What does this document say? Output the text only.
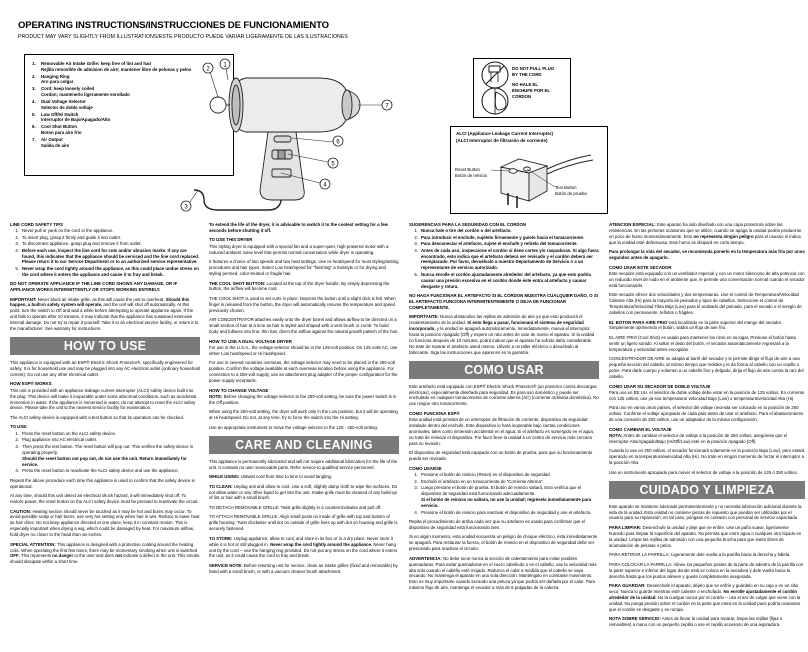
OPERATING INSTRUCTIONS/INSTRUCCIONES DE FUNCIONAMIENTO
PRODUCT MAY VARY SLIGHTLY FROM ILLUSTRATIONS/ESTE PRODUCTO PUEDE VARIAR LIGERAMENTE DE LAS ILUSTRACIONES
1.	Removable Air Intake Grille; keep free of lint and hair
Rejilla removible de admision de aire; mantener libre de pelusas y pelos
2.	Hanging Ring
Aro para colgar
3.	Cord; keep loosely coiled
Cordon; mantenerlo ligeramente enrollado
4.	Dual Voltage Selector
Selector de doble voltaje
5.	Low Off/Hi Switch
Interruptor de Bajo/Apagado/Alto
6.	Cool Shot Button
Boton para aire frio
7.	Air Output
Salida de aire
1
2
3
4
5
6
7
DO NOT PULL PLUG
BY THE CORD
NO HALE EL
ENCHUFE POR EL
CORDON
ALCI (Appliance Leakage Current Interrupter)
(ALCI Interruptor de filtración de corriente)
Reset Button
Botón de reinicio
Test Button
Botón de prueba
LINE CORD SAFETY TIPS
1. Never pull or yank on the cord or the appliance.
2. To insert plug, grasp it firmly and guide it into outlet.
3. To disconnect appliance, grasp plug and remove it from outlet.
4. Before each use, inspect the line cord for cuts and/or abrasion marks. If any are found, this indicates that the appliance should be serviced and the line cord replaced. Please return it to our Service Department or to an authorized service representative.
5. Never wrap the cord tightly around the appliance, as this could place undue stress on the cord where it enters the appliance and cause it to fray and break.

DO NOT OPERATE APPLIANCE IF THE LINE CORD SHOWS ANY DAMAGE, OR IF APPLIANCE WORKS INTERMITTENTLY OR STOPS WORKING ENTIRELY.

IMPORTANT: Never block air intake grille, as this will cause the unit to overheat. Should this happen, a built-in safety system will operate, and the unit will shut off automatically. At this point, turn the switch to Off and wait a while before attempting to operate appliance again. If the unit fails to operate after 10 minutes, it may indicate that the appliance has sustained extensive internal damage. Do not try to repair it yourself. Take it to an electrical service facility, or return it to the manufacturer. See warranty for instructions.

HOW TO USE

This appliance is equipped with an ESP® Electric Shock Protector®, specifically engineered for safety. It is for household use and may be plugged into any AC electrical outlet (ordinary household current). Do not use any other electrical outlet.

HOW ESP® WORKS

This unit is provided with an appliance leakage current interrupter (ALCI) safety device built into the plug. This device will make it inoperable under some abnormal conditions, such as accidental immersion in water. If the appliance is immersed in water, do not attempt to reset the ALCI safety device. Please take the unit to the nearest service facility for examination.

The ALCI safety device is equipped with a test button so that its operation can be checked.

TO USE:
1. Press the reset button on the ALCI safety device.
2. Plug appliance into AC electrical outlet.
3. Then press the test button. The reset button will pop out. This verifies the safety device is operating properly.
Should the reset button not pop out, do not use the unit. Return immediately for service.
4. Press the reset button to reactivate the ALCI safety device and use the appliance.

Repeat the above procedure each time this appliance is used to confirm that the safety device is operational.

At any time, should this unit detect an electrical shock hazard, it will immediately shut off. To restore power, the reset button on the ALCI safety device must be pressed to reactivate the circuit.

CAUTION: Heating section should never be touched as it may be hot and burns may occur. To avoid possible scalp or hair burns, use very hot setting only when hair is wet. Reduce to lower heat as hair dries. Do not keep appliance directed at one place; keep it in constant motion. This is especially important when drying a wig, which could be damaged by heat. For maximum airflow, hold dryer no closer to the head than six inches.

SPECIAL ATTENTION: This appliance is designed with a protective coating around the heating coils. When operating the first few times, there may be momentary smoking when unit is switched OFF. This represents no danger to the user and does not indicate a defect in the unit. This smoke should dissipate within a short time.

To extend the life of the dryer, it is advisable to switch it to the coolest setting for a few seconds before shutting it off.

TO USE THIS DRYER

This styling dryer is equipped with a special fan and a super-quiet, high-powered motor with a reduced ambient noise level that permits normal conversation while dryer is operating.

It features a choice of two speeds and two heat settings. Use Hi heat/speed for most styling/setting procedures and hair types. Select Low heat/speed for "finishing" a hairstyle or for drying and styling permed, color-treated or fragile hair.

THE COOL SHOT BUTTON: Located at the top of the dryer handle. By simply depressing the button, the airflow will become cool.

THE COOL SHOT is used to set curls in place. Depress the button until a slight click is felt. When finger is released from the button, the dryer will automatically resume the temperature and speed previously chosen.

AIR CONCENTRATOR attaches easily onto the dryer barrel and allows airflow to be directed on a small section of hair at a time as hair is styled and shaped with a vent brush or comb. To build body and fullness into fine, thin hair, direct the airflow against the natural growth pattern of the hair.

HOW TO USE A DUAL VOLTAGE DRYER

For use in the U.S.A., the voltage selector should be in the 125-volt position. On 125 volts AC, use either Low heat/speed or Hi heat/speed.

For use in several countries overseas, the voltage selector may need to be placed in the 250-volt position. Confirm the voltage available at each overseas location before using the appliance. For connection to a 250-volt supply, use an attachment plug adapter of the proper configuration for the power supply receptacle.

HOW TO CHANGE VOLTAGE

NOTE: Before changing the voltage selector to the 250-volt setting, be sure the power switch is in the Off position.

When using the 250-volt setting, the dryer will work only in the Low position, but it will be operating at Hi heat/speed. Do not, at any time, try to force the switch into the Hi setting.

Use an appropriate instrument to move the voltage selector to the 125 - 250-volt setting.

CARE AND CLEANING

This appliance is permanently lubricated and will not require additional lubrication for the life of the unit. It contains no user serviceable parts. Refer service to qualified service personnel.

WHILE USING: Untwist cord from time to time to avoid tangling.

TO CLEAN: Unplug unit and allow to cool. Use a soft, slightly damp cloth to wipe the surfaces. Do not allow water or any other liquid to get into the unit. Intake grille must be cleaned of any build-up of lint or hair with a small brush.

TO DETACH REMOVABLE GRILLE: Twist grille slightly in a counterclockwise and pull off.

TO ATTACH REMOVABLE GRILLE: Align small posts on inside of grille with top and bottom of grille housing. Twist clockwise until dot on outside of grille lines up with dot on housing and grille is securely fastened.

TO STORE: Unplug appliance, allow to cool, and store in its box or in a dry place. Never store it while it is hot or still plugged in. Never wrap the cord tightly around the appliance. Never hang unit by the cord -- use the hanging ring provided. Do not put any stress on the cord where it enters the unit, as it could cause the cord to fray and break.

SERVICE NOTE: Before returning unit for service, clean air intake grilles (fixed and removable) by hand with a small brush, or with a vacuum cleaner brush attachment.

SUGERENCIAS PARA LA SEGURIDAD CON EL CORDON
1. Nunca hale o tire del cordón o del artefacto.
2. Para introducir el enchufe, sujételo firmemente y guíelo hacia el tomacorriente.
3. Para desconectar el artefacto, sujete el enchufe y retírelo del tomacorriente.
4. Antes de cada uso, inspeccione el cordón si tiene cortes y/o raspaduras. Si algo fuera encontrado, esto indica que el artefacto deberá ser revisado y el cordón deberá ser reemplazado. Por favor, devuélvalo a nuestro Departamento de Servicio o a un representante de servicio autorizado.
5. Nunca enrolle el cordón ajustadamente alrededor del artefacto, ya que esto podría causar una presión excesiva en el cordón donde éste entra al artefacto y causar desgaste y rotura.

NO HAGA FUNCIONAR EL ARTEFACTO SI EL CORDON MUESTRA CUALQUIER DAÑO, O SI EL ARTEFACTO FUNCIONA INTERMITENTEMENTE O DEJA DE FUNCIONAR COMPLETAMENTE.

IMPORTANTE: Nunca obstaculice las rejillas de admisión de aire ya que esto producirá el recalentamiento de la unidad. Si esto llega a pasar, funcionará el sistema de seguridad incorporado, y la unidad se apagará automáticamente. Inmediatamente, mueva el interruptor hacia la posición Apagado (Off) y espere un rato antes de usar de nuevo el aparato. Si la unidad no funciona después de 10 minutos, podrá indicar que el aparato ha sufrido daño considerable. No trate de reparar el artefacto usted mismo. Llévelo a un taller eléctrico o devuélvalo al fabricante. Siga las instrucciones que aparecen en la garantía.

COMO USAR

Este artefacto está equipado con ESP® Electric Shock Protector® (un protector contra descargas eléctricas), especialmente diseñado para seguridad. Es para uso doméstico y puede ser enchufado en cualquier tomacorriente de corriente alterna (AC) (corriente ordinaria doméstica). No use ningún otro tomacorriente.

COMO FUNCIONA ESP®

Esta unidad está provista de un interruptor de filtración de corriente, dispositivo de seguridad instalado dentro del enchufe. Este dispositivo lo hará inoperable bajo ciertas condiciones anormales, tales como inmersión accidental en el agua. Si el artefacto es sumergido en el agua, no trate de reiniciar el dispositivo. Por favor lleve la unidad a un centro de servicio más cercano para su revisión.

El dispositivo de seguridad está equipado con un botón de prueba, para que su funcionamiento pueda ser revisado.

COMO USARSE
1. Presione el botón de reinicio (Reset) en el dispositivo de seguridad.
2. Enchufe el artefacto en un tomacorriente de "Corriente Alterna".
3. Luego presione el botón de prueba. El botón de reinicio saltará. Esto verifica que el dispositivo de seguridad está funcionando adecuadamente.
Si el botón de reinicio no saltara, no use la unidad; regrésela inmediatamente para servicio.
4. Presione el botón de reinicio para reactivar el dispositivo de seguridad y use el artefacto.

Repita el procedimiento de arriba cada vez que su artefacto es usado para confirmar que el dispositivo de seguridad está funcionando bien.

Si en algún momento, esta unidad encuentra un peligro de choque eléctrico, ésta inmediatamente se apagará. Para restaurar la fuerza, el botón de reinicio en el dispositivo de seguridad debe ser presionado para reactivar el circuito.

ADVERTENCIA: No debe tocar nunca la sección de calentamiento para evitar posibles quemaduras. Para evitar quemaduras en el cuero cabelludo o en el cabello, use la velocidad más alta sólo cuando el cabello esté mojado. Reduzca el calor a medida que el cabello se vaya secando. No mantenga el aparato en una sola dirección. Manténgalo en constante movimiento. Esto es muy importante cuando secando una peluca ya que podría ser dañada por el calor. Para máximo flujo de aire, mantenga el secador a más de 6 pulgadas de la cabeza.

ATENCION ESPECIAL: Este aparato ha sido diseñado con una capa protectora sobre las resistencias. En las primeras ocasiones que se utilice, cuando se apaga la unidad podría producirse un poco de humo momentáneamente. Esto no representa ningún peligro para el usuario ni indica que la unidad esté defectuosa. Este humo se disipará en corto tiempo.

Para prolongar la vida del secador, se recomienda ponerlo en la temperatura más fría por unos segundos antes de apagarlo.

COMO USAR ESTE SECADOR

Este secador está equipado con un ventilador especial y con un motor silencioso de alta potencia con un reducido nivel de ruido en el ambiente que, le permite una conversación normal cuando el secador está funcionando.

Este secador ofrece dos velocidades y dos temperaturas. Use el control de Temperatura/Velocidad Caliente Alta (Hi) para la mayoría de peinados y tipos de cabellos. Seleccione el control de Temperatura/Velocidad Tibia Baja (Low) para el acabado del peinado, para el secado o el arreglo de cabellos con permanente, teñidos o frágiles.

EL BOTON PARA AIRE FRIO está localizado en la parte superior del mango del secador. Simplemente oprimiendo el botón, saldrá un flujo de aire frío.

EL AIRE FRIO (Cool Shot) es usado para mantener los rizos en su lugar. Presione el botón hasta sentir un ligero sonido. Al soltar el dedo del botón, el secador automáticamente regresará a la temperatura y velocidad antes escogidas.

CONCENTRADOR DE AIRE se adapta al barril del secador y le permite dirigir el flujo de aire a una pequeña sección del cabello, al mismo tiempo que moldea y le da forma al cabello con un cepillo o peine. Para darle cuerpo y volumen a un cabello fino y delgado, dirija el flujo de aire contra la raíz del cabello.

COMO USAR SU SECADOR DE DOBLE VOLTAJE

Para uso en EE.UU. el selector de doble voltaje debe estar en la posición de 125 voltios. En corriente con 125 voltios, use ya sea temperatura/ velocidad Baja (Low) o temperatura/velocidad Alta (Hi).

Para uso en varios otros países, el selector del voltaje necesita ser colocado en la posición de 250 voltios. Confirme el voltaje apropiado de cada país antes de usar el artefacto. Para el abastecimiento de una conexión de 250 voltios, use un adaptador de la misma configuración.

COMO CAMBIAR EL VOLTAJE

NOTA: Antes de cambiar el selector de voltaje a la posición de 250 voltios, asegúrese que el interruptor Alto/Apagado/Bajo (Hi/Off/Low) esté en la posición Apagado (Off).

Cuando lo use en 250 voltios, el secador funcionará solamente en la posición Baja (Low), pero estará operando en la temperatura/velocidad Alta (Hi). No trate en ningún momento de forzar el interruptor a la posición Alta.

Use un instrumento apropiado para mover el selector de voltaje a la posición de 125 ó 250 voltios.

CUIDADO Y LIMPIEZA

Este aparato se mantiene lubricado permanentemente y no necesita lubricación adicional durante la vida de la unidad. Esta unidad no contiene piezas de repuesto que puedan ser utilizadas por el usuario para su reparación; en tal caso, póngase en contacto con personal de servicio capacitado.

PARA LIMPIAR: Desenchufe la unidad y deje que se enfríe. Use un paño suave, ligeramente humedo para limpiar la superficie del aparato. No permita que entre agua o cualquier otro líquido en la unidad. Limpie las rejillas de admisión con una pequeña brocha para que estén libres de acumulación de pelusas o pelos.

PARA RETIRAR LA PARRILLA: Ligeramente dele vuelta a la parrilla hacia la derecha y hálela.

PARA COLOCAR LA PARRILLA: Alinee los pequeños postes de la parte de adentro de la parrilla con la parte superior e inferior del lugar donde está se coloca en la secadora y dele vuelta hacia la derecha hasta que los puntos alineen y quede completamente asegurada.

PARA GUARDAR: Desenchufe el aparato, déjelo que se enfríe y guárdelo en su caja o en un sitio seco. Nunca lo guarde mientras esté caliente o enchufado. No enrolle ajustadamente el cordón alrededor de la unidad. No la cuelgue nunca por el cordón -- use el aro de colgar que viene con la unidad. No ponga presión sobre el cordón en la parte que entra en la unidad pues podría ocasionar que el cordón se desgaste y se rompa.

NOTA SOBRE SERVICIO: Antes de llevar la unidad para reparar, limpie las rejillas (fijas o removibles) a mano con un pequeño cepillo o use el cepillo accesorio de una aspiradora.
